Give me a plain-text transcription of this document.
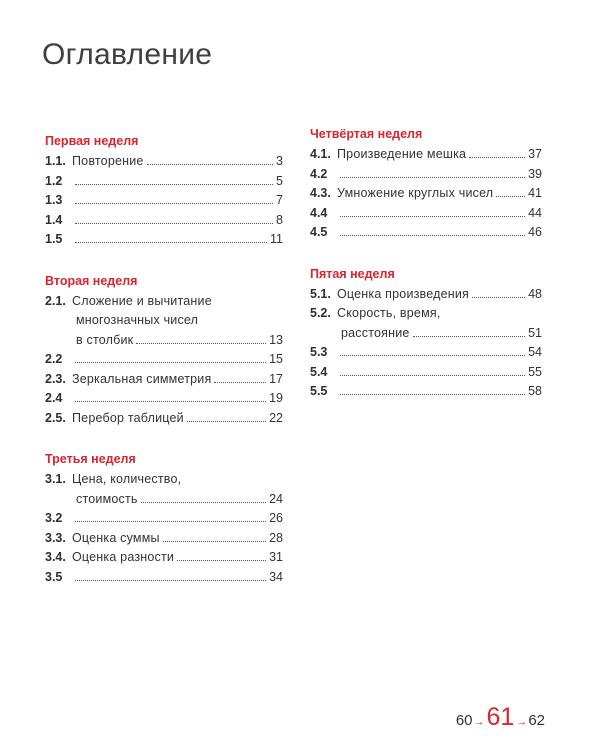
Оглавление
Первая неделя
1.1. Повторение	3
1.2	5
1.3	7
1.4	8
1.5	11
Вторая неделя
2.1. Сложение и вычитание
многозначных чисел
в столбик	13
2.2	15
2.3. Зеркальная симметрия	17
2.4	19
2.5. Перебор таблицей	22
Третья неделя
3.1. Цена, количество,
стоимость	24
3.2	26
3.3. Оценка суммы	28
3.4. Оценка разности	31
3.5	34
Четвёртая неделя
4.1. Произведение мешка	37
4.2	39
4.3. Умножение круглых чисел	41
4.4	44
4.5	46
Пятая неделя
5.1. Оценка произведения	48
5.2. Скорость, время,
расстояние	51
5.3	54
5.4	55
5.5	58
60 → 61 → 62
